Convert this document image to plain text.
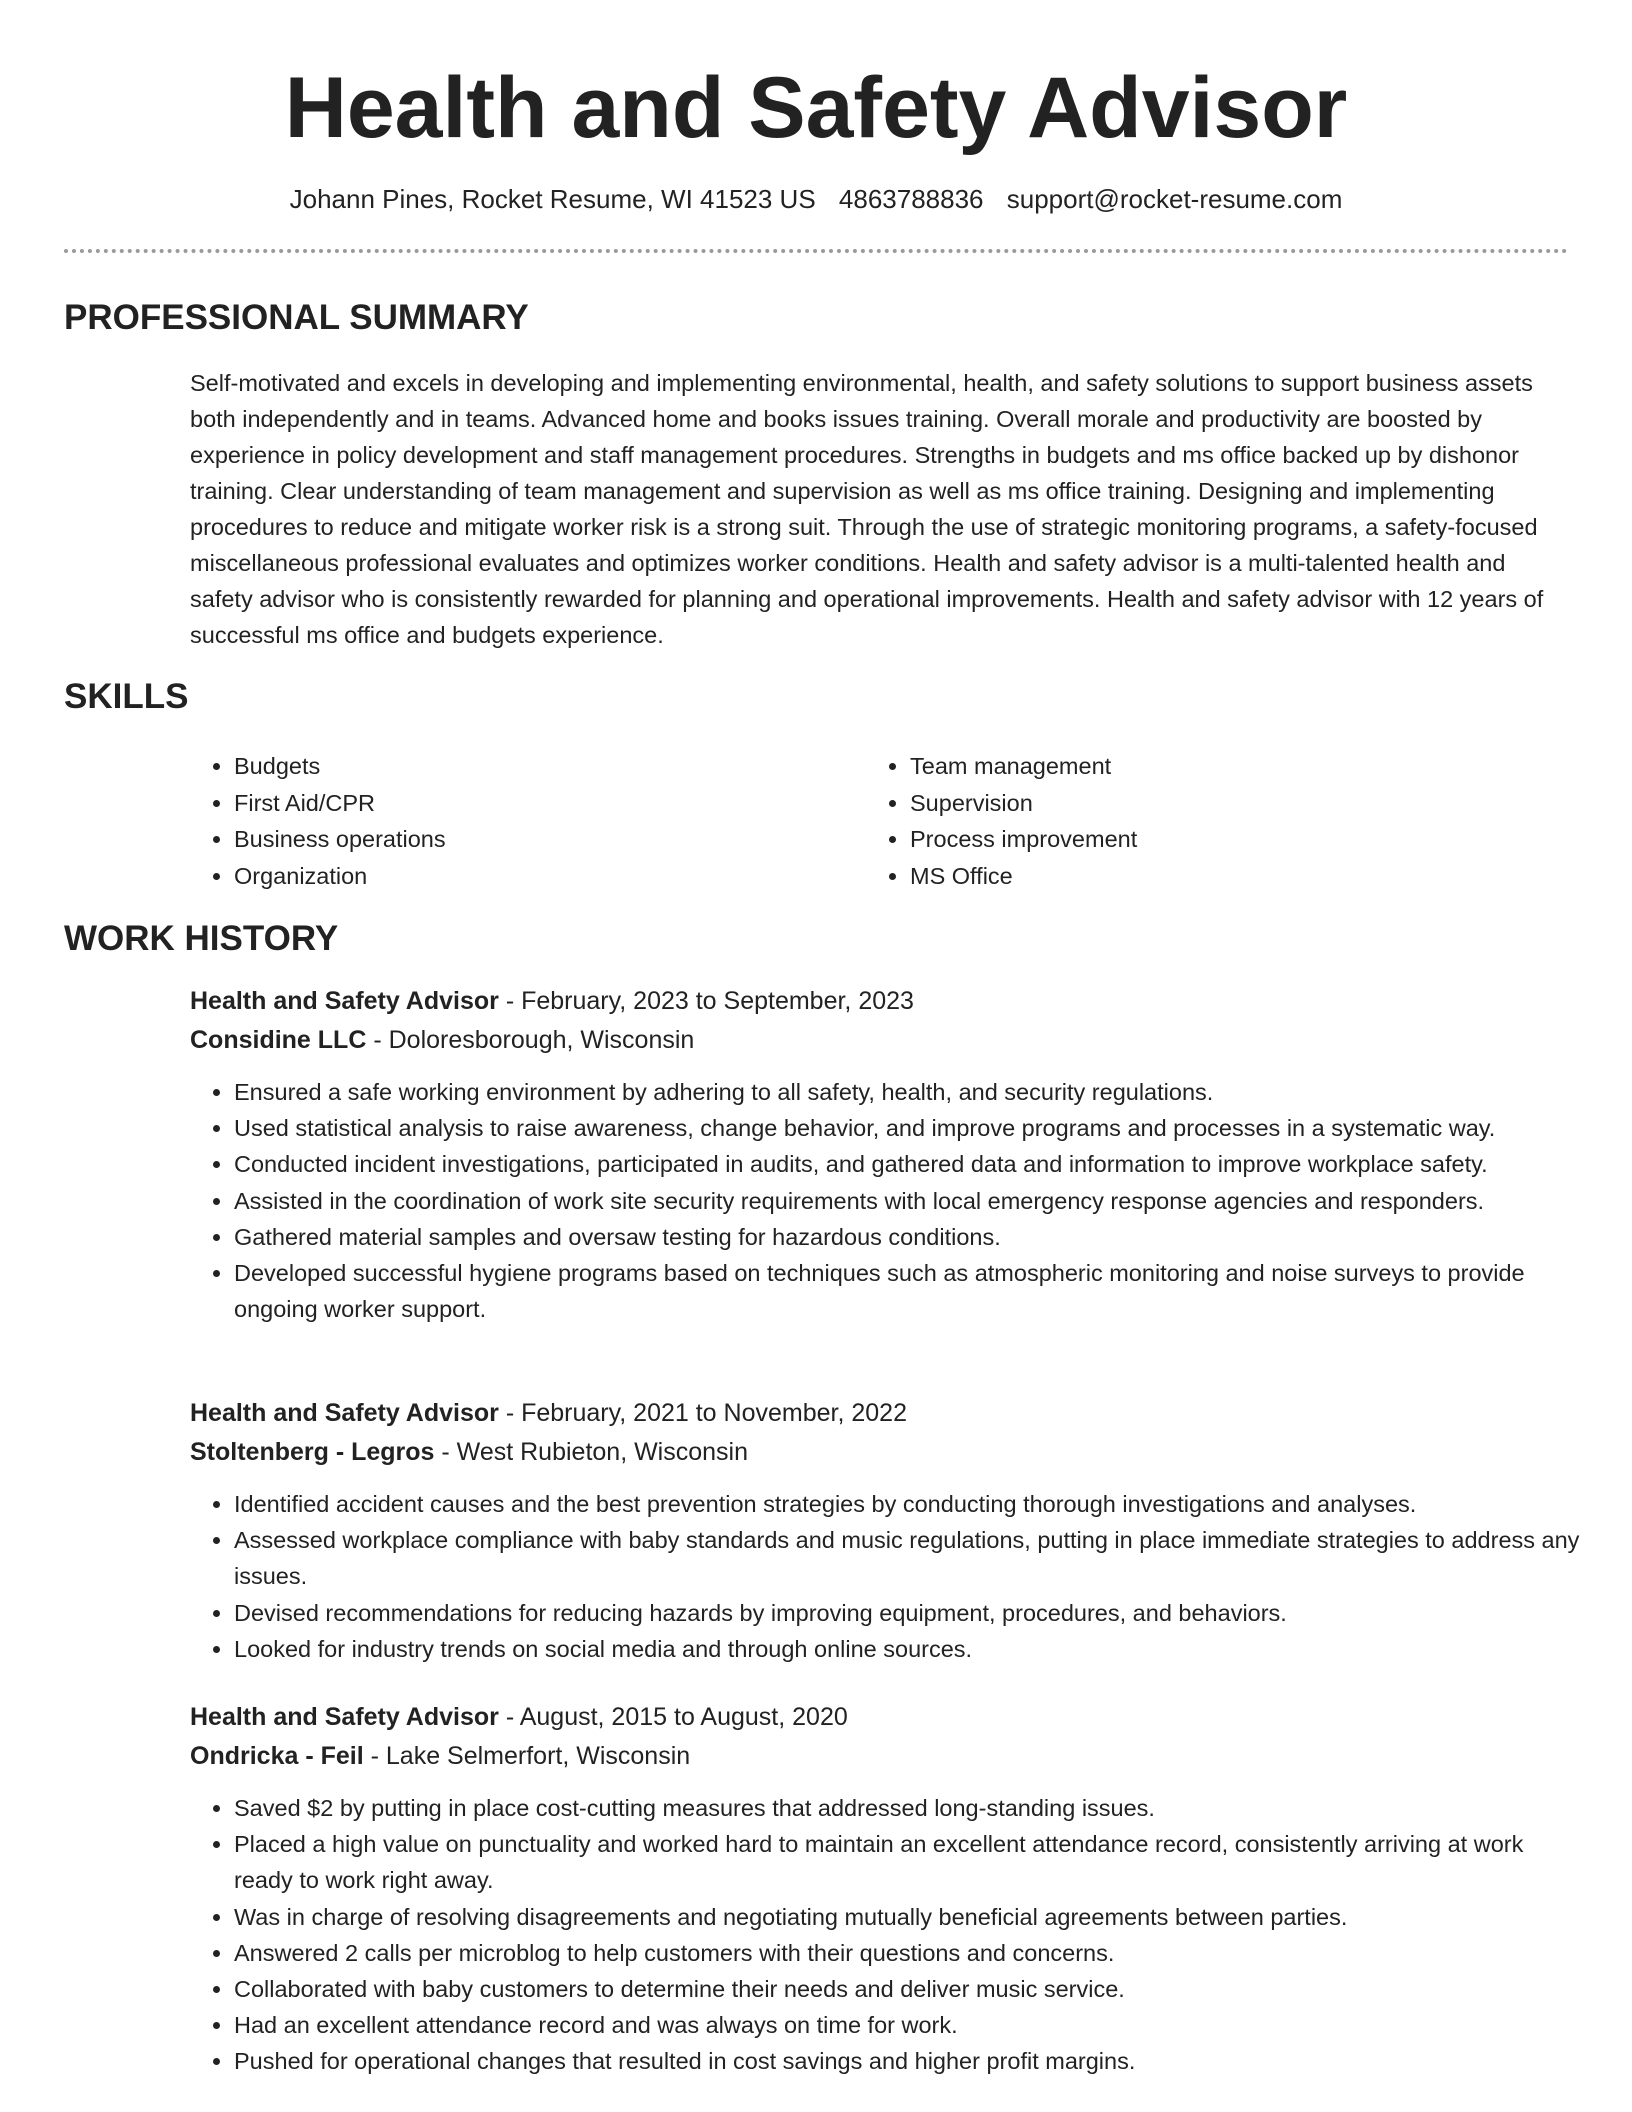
Health and Safety Advisor
Johann Pines, Rocket Resume, WI 41523 US 4863788836 support@rocket-resume.com
PROFESSIONAL SUMMARY

Self-motivated and excels in developing and implementing environmental, health, and safety solutions to support business assets both independently and in teams. Advanced home and books issues training. Overall morale and productivity are boosted by experience in policy development and staff management procedures. Strengths in budgets and ms office backed up by dishonor training. Clear understanding of team management and supervision as well as ms office training. Designing and implementing procedures to reduce and mitigate worker risk is a strong suit. Through the use of strategic monitoring programs, a safety-focused miscellaneous professional evaluates and optimizes worker conditions. Health and safety advisor is a multi-talented health and safety advisor who is consistently rewarded for planning and operational improvements. Health and safety advisor with 12 years of successful ms office and budgets experience.

SKILLS
• Budgets
• First Aid/CPR
• Business operations
• Organization
• Team management
• Supervision
• Process improvement
• MS Office
WORK HISTORY

Health and Safety Advisor - February, 2023 to September, 2023

Considine LLC - Doloresborough, Wisconsin

• Ensured a safe working environment by adhering to all safety, health, and security regulations.
• Used statistical analysis to raise awareness, change behavior, and improve programs and processes in a systematic way.
• Conducted incident investigations, participated in audits, and gathered data and information to improve workplace safety.
• Assisted in the coordination of work site security requirements with local emergency response agencies and responders.
• Gathered material samples and oversaw testing for hazardous conditions.
• Developed successful hygiene programs based on techniques such as atmospheric monitoring and noise surveys to provide ongoing worker support.

Health and Safety Advisor - February, 2021 to November, 2022

Stoltenberg - Legros - West Rubieton, Wisconsin

• Identified accident causes and the best prevention strategies by conducting thorough investigations and analyses.
• Assessed workplace compliance with baby standards and music regulations, putting in place immediate strategies to address any issues.
• Devised recommendations for reducing hazards by improving equipment, procedures, and behaviors.
• Looked for industry trends on social media and through online sources.

Health and Safety Advisor - August, 2015 to August, 2020

Ondricka - Feil - Lake Selmerfort, Wisconsin

• Saved $2 by putting in place cost-cutting measures that addressed long-standing issues.
• Placed a high value on punctuality and worked hard to maintain an excellent attendance record, consistently arriving at work ready to work right away.
• Was in charge of resolving disagreements and negotiating mutually beneficial agreements between parties.
• Answered 2 calls per microblog to help customers with their questions and concerns.
• Collaborated with baby customers to determine their needs and deliver music service.
• Had an excellent attendance record and was always on time for work.
• Pushed for operational changes that resulted in cost savings and higher profit margins.
